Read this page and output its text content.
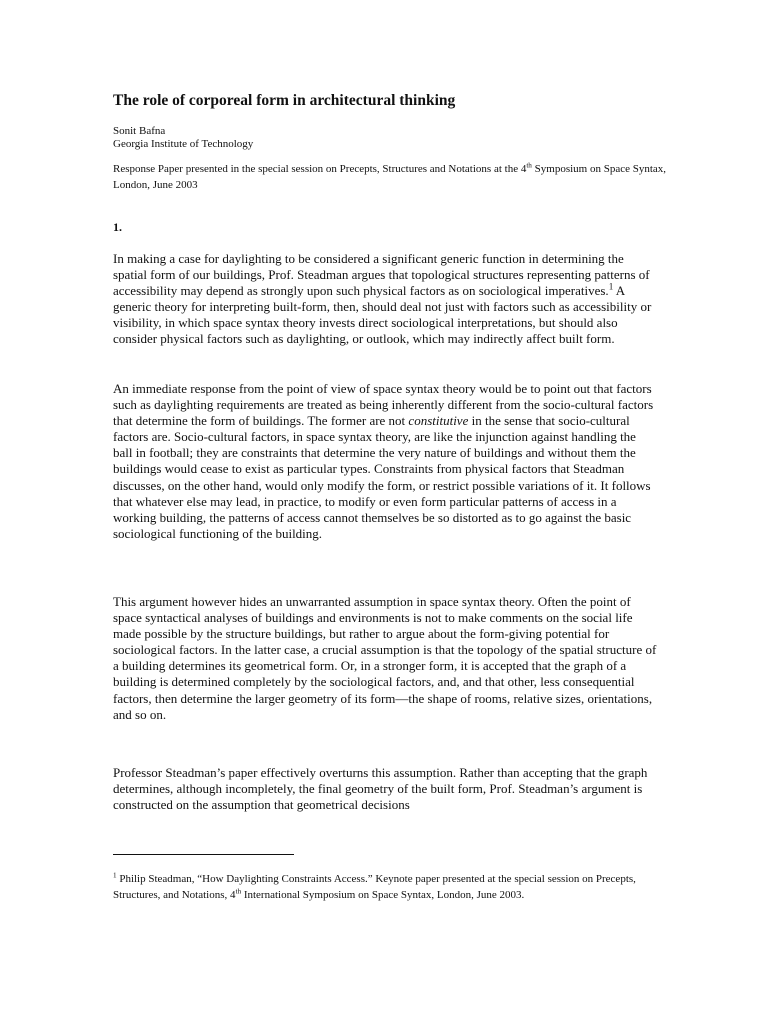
The role of corporeal form in architectural thinking

Sonit Bafna

Georgia Institute of Technology

Response Paper presented in the special session on Precepts, Structures and Notations at the 4th Symposium on Space Syntax, London, June 2003

1.

In making a case for daylighting to be considered a significant generic function in determining the spatial form of our buildings, Prof. Steadman argues that topological structures representing patterns of accessibility may depend as strongly upon such physical factors as on sociological imperatives.$^1$ A generic theory for interpreting built-form, then, should deal not just with factors such as accessibility or visibility, in which space syntax theory invests direct sociological interpretations, but should also consider physical factors such as daylighting, or outlook, which may indirectly affect built form.

An immediate response from the point of view of space syntax theory would be to point out that factors such as daylighting requirements are treated as being inherently different from the socio-cultural factors that determine the form of buildings. The former are not constitutive in the sense that socio-cultural factors are. Socio-cultural factors, in space syntax theory, are like the injunction against handling the ball in football; they are constraints that determine the very nature of buildings and without them the buildings would cease to exist as particular types. Constraints from physical factors that Steadman discusses, on the other hand, would only modify the form, or restrict possible variations of it. It follows that whatever else may lead, in practice, to modify or even form particular patterns of access in a working building, the patterns of access cannot themselves be so distorted as to go against the basic sociological functioning of the building.

This argument however hides an unwarranted assumption in space syntax theory. Often the point of space syntactical analyses of buildings and environments is not to make comments on the social life made possible by the structure buildings, but rather to argue about the form-giving potential for sociological factors. In the latter case, a crucial assumption is that the topology of the spatial structure of a building determines its geometrical form. Or, in a stronger form, it is accepted that the graph of a building is determined completely by the sociological factors, and, and that other, less consequential factors, then determine the larger geometry of its form—the shape of rooms, relative sizes, orientations, and so on.

Professor Steadman’s paper effectively overturns this assumption. Rather than accepting that the graph determines, although incompletely, the final geometry of the built form, Prof. Steadman’s argument is constructed on the assumption that geometrical decisions

$^1$ Philip Steadman, “How Daylighting Constraints Access.” Keynote paper presented at the special session on Precepts, Structures, and Notations, 4th International Symposium on Space Syntax, London, June 2003.
